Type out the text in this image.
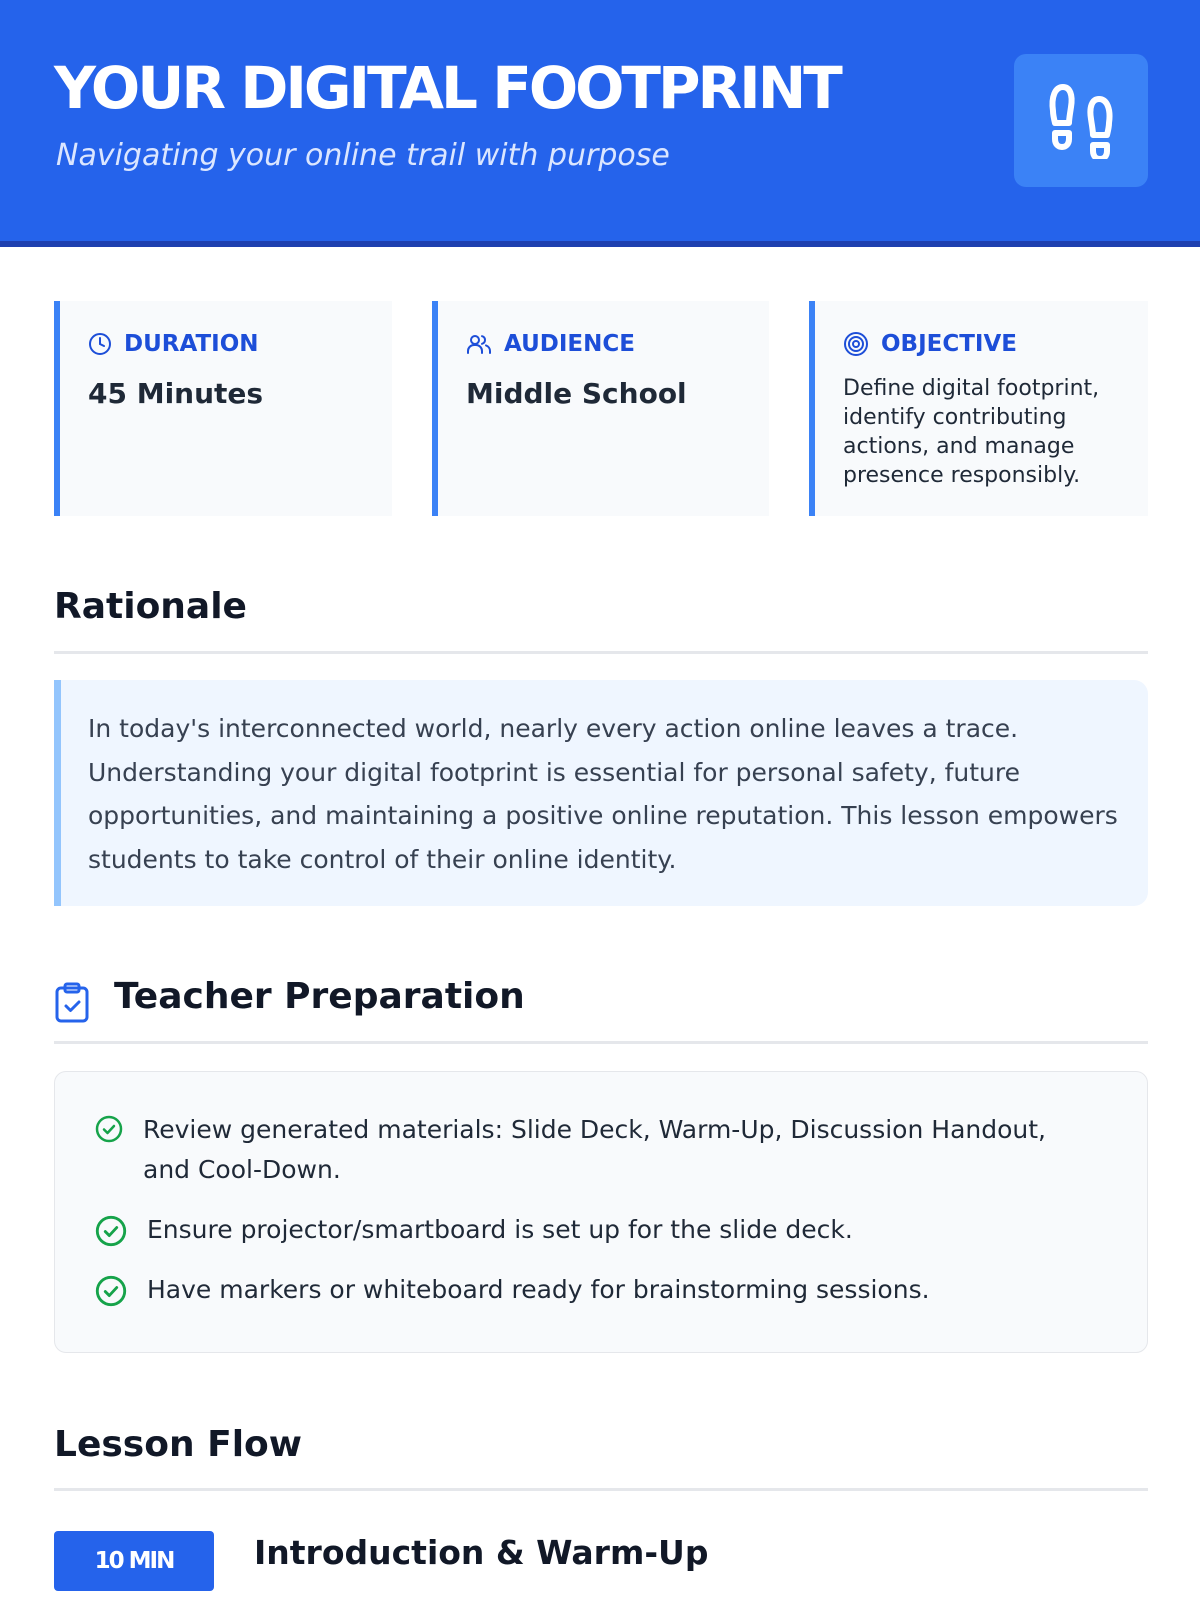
YOUR DIGITAL FOOTPRINT
Navigating your online trail with purpose
DURATION
45 Minutes
AUDIENCE
Middle School
OBJECTIVE
Define digital footprint, identify contributing actions, and manage presence responsibly.
Rationale
In today's interconnected world, nearly every action online leaves a trace. Understanding your digital footprint is essential for personal safety, future opportunities, and maintaining a positive online reputation. This lesson empowers students to take control of their online identity.
Teacher Preparation
Review generated materials: Slide Deck, Warm-Up, Discussion Handout, and Cool-Down.
Ensure projector/smartboard is set up for the slide deck.
Have markers or whiteboard ready for brainstorming sessions.
Lesson Flow
10 MIN	Introduction & Warm-Up
